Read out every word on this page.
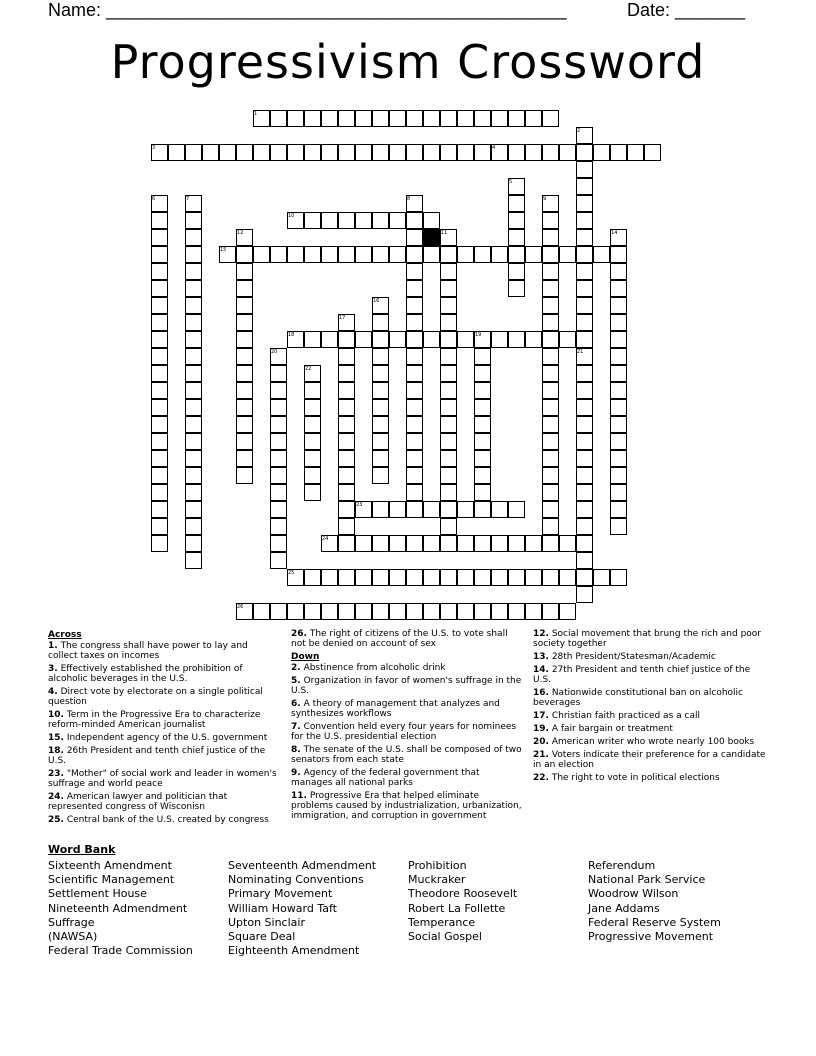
Name: ______________________________________________	Date: _______
Progressivism Crossword
1
2
3	4
5
6	7	8	9
10
11
12	14
15
16
17
18	19
20	21
22
23
24
25
26
Across
1. The congress shall have power to lay and collect taxes on incomes
3. Effectively established the prohibition of alcoholic beverages in the U.S.
4. Direct vote by electorate on a single political question
10. Term in the Progressive Era to characterize reform-minded American journalist
15. Independent agency of the U.S. government
18. 26th President and tenth chief justice of the U.S.
23. "Mother" of social work and leader in women's suffrage and world peace
24. American lawyer and politician that represented congress of Wisconisn
25. Central bank of the U.S. created by congress
26. The right of citizens of the U.S. to vote shall not be denied on account of sex
Down
2. Abstinence from alcoholic drink
5. Organization in favor of women's suffrage in the U.S.
6. A theory of management that analyzes and synthesizes workflows
7. Convention held every four years for nominees for the U.S. presidential election
8. The senate of the U.S. shall be composed of two senators from each state
9. Agency of the federal government that manages all national parks
11. Progressive Era that helped eliminate problems caused by industrialization, urbanization, immigration, and corruption in government
12. Social movement that brung the rich and poor society together
13. 28th President/Statesman/Academic
14. 27th President and tenth chief justice of the U.S.
16. Nationwide constitutional ban on alcoholic beverages
17. Christian faith practiced as a call
19. A fair bargain or treatment
20. American writer who wrote nearly 100 books
21. Voters indicate their preference for a candidate in an election
22. The right to vote in political elections
Word Bank
Sixteenth Amendment
Scientific Management
Settlement House
Nineteenth Admendment
Suffrage
(NAWSA)
Federal Trade Commission
Seventeenth Admendment
Nominating Conventions
Primary Movement
William Howard Taft
Upton Sinclair
Square Deal
Eighteenth Amendment
Prohibition
Muckraker
Theodore Roosevelt
Robert La Follette
Temperance
Social Gospel
Referendum
National Park Service
Woodrow Wilson
Jane Addams
Federal Reserve System
Progressive Movement
